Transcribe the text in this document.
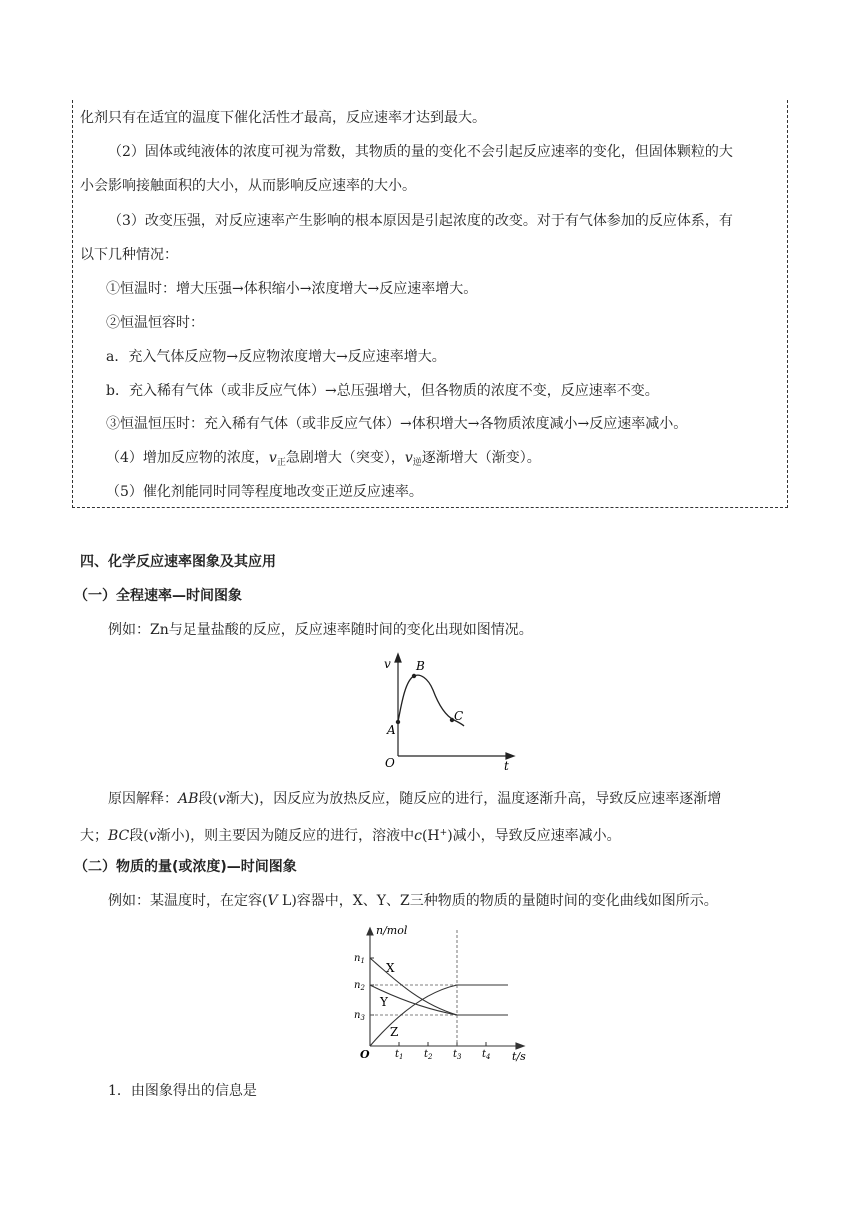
化剂只有在适宜的温度下催化活性才最高，反应速率才达到最大。
（2）固体或纯液体的浓度可视为常数，其物质的量的变化不会引起反应速率的变化，但固体颗粒的大
小会影响接触面积的大小，从而影响反应速率的大小。
（3）改变压强，对反应速率产生影响的根本原因是引起浓度的改变。对于有气体参加的反应体系，有
以下几种情况：
①恒温时：增大压强→体积缩小→浓度增大→反应速率增大。
②恒温恒容时：
a．充入气体反应物→反应物浓度增大→反应速率增大。
b．充入稀有气体（或非反应气体）→总压强增大，但各物质的浓度不变，反应速率不变。
③恒温恒压时：充入稀有气体（或非反应气体）→体积增大→各物质浓度减小→反应速率减小。
（4）增加反应物的浓度，$v_正$急剧增大（突变），$v_逆$逐渐增大（渐变）。
（5）催化剂能同时同等程度地改变正逆反应速率。
四、化学反应速率图象及其应用
（一）全程速率—时间图象
例如：Zn与足量盐酸的反应，反应速率随时间的变化出现如图情况。
v
t
O
A
B
C
原因解释：AB段(v渐大)，因反应为放热反应，随反应的进行，温度逐渐升高，导致反应速率逐渐增
大；BC段(v渐小)，则主要因为随反应的进行，溶液中c(H+)减小，导致反应速率减小。
（二）物质的量(或浓度)—时间图象
例如：某温度时，在定容(V L)容器中，X、Y、Z三种物质的物质的量随时间的变化曲线如图所示。
n/mol
t/s
O
X
Y
Z
$n_1$
$n_2$
$n_3$
$t_1$ $t_2$ $t_3$ $t_4$
1．由图象得出的信息是
